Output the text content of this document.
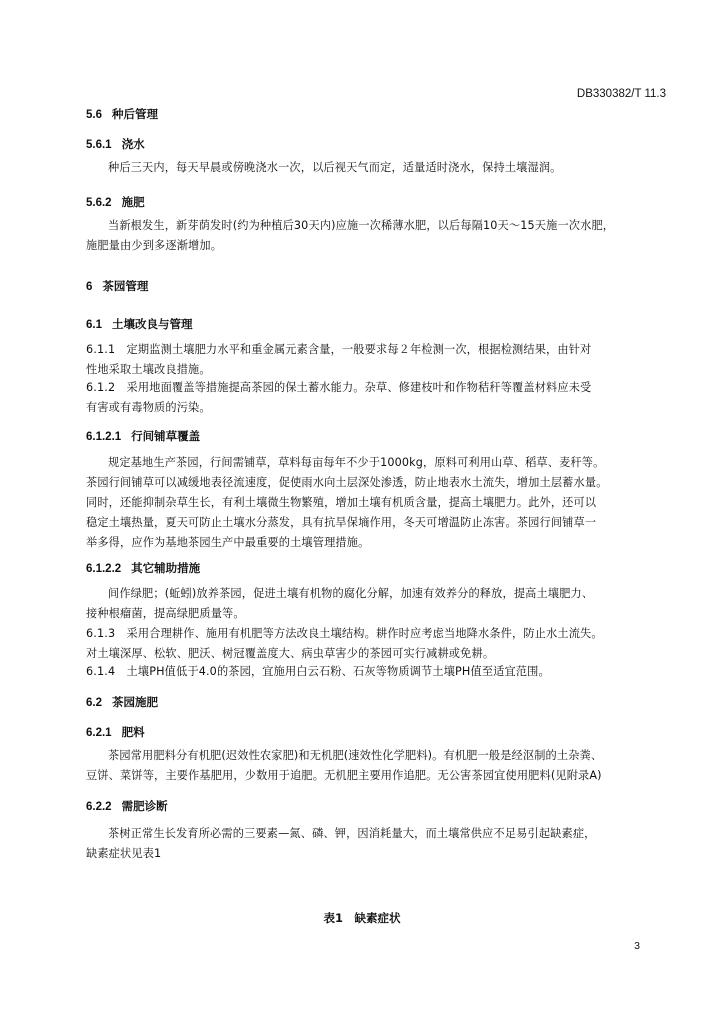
DB330382/T 11.3
5.6 种后管理
5.6.1 浇水
种后三天内，每天早晨或傍晚浇水一次，以后视天气而定，适量适时浇水，保持土壤湿润。
5.6.2 施肥
当新根发生，新芽荫发时(约为种植后30天内)应施一次稀薄水肥，以后每隔10天～15天施一次水肥，
施肥量由少到多逐渐增加。
6 茶园管理
6.1 土壤改良与管理
6.1.1　定期监测土壤肥力水平和重金属元素含量，一般要求每２年检测一次，根据检测结果，由针对
性地采取土壤改良措施。
6.1.2　采用地面覆盖等措施提高茶园的保土蓄水能力。杂草、修建枝叶和作物秸秆等覆盖材料应未受
有害或有毒物质的污染。
6.1.2.1 行间铺草覆盖
规定基地生产茶园，行间需铺草，草料每亩每年不少于1000kg，原料可利用山草、稻草、麦秆等。
茶园行间铺草可以减缓地表径流速度，促使雨水向土层深处渗透，防止地表水土流失，增加土层蓄水量。
同时，还能抑制杂草生长，有利土壤微生物繁殖，增加土壤有机质含量，提高土壤肥力。此外，还可以
稳定土壤热量，夏天可防止土壤水分蒸发，具有抗旱保墒作用，冬天可增温防止冻害。茶园行间铺草一
举多得，应作为基地茶园生产中最重要的土壤管理措施。
6.1.2.2 其它辅助措施
间作绿肥；(蚯蚓)放养茶园，促进土壤有机物的腐化分解，加速有效养分的释放，提高土壤肥力、
接种根瘤菌，提高绿肥质量等。
6.1.3　采用合理耕作、施用有机肥等方法改良土壤结构。耕作时应考虑当地降水条件，防止水土流失。
对土壤深厚、松软、肥沃、树冠覆盖度大、病虫草害少的茶园可实行减耕或免耕。
6.1.4　土壤PH值低于4.0的茶园，宜施用白云石粉、石灰等物质调节土壤PH值至适宜范围。
6.2 茶园施肥
6.2.1 肥料
茶园常用肥料分有机肥(迟效性农家肥)和无机肥(速效性化学肥料)。有机肥一般是经沤制的土杂粪、
豆饼、菜饼等，主要作基肥用，少数用于追肥。无机肥主要用作追肥。无公害茶园宜使用肥料(见附录A)
6.2.2 需肥诊断
茶树正常生长发育所必需的三要素—氮、磷、钾，因消耗量大，而土壤常供应不足易引起缺素症，
缺素症状见表1
表1　缺素症状
3
